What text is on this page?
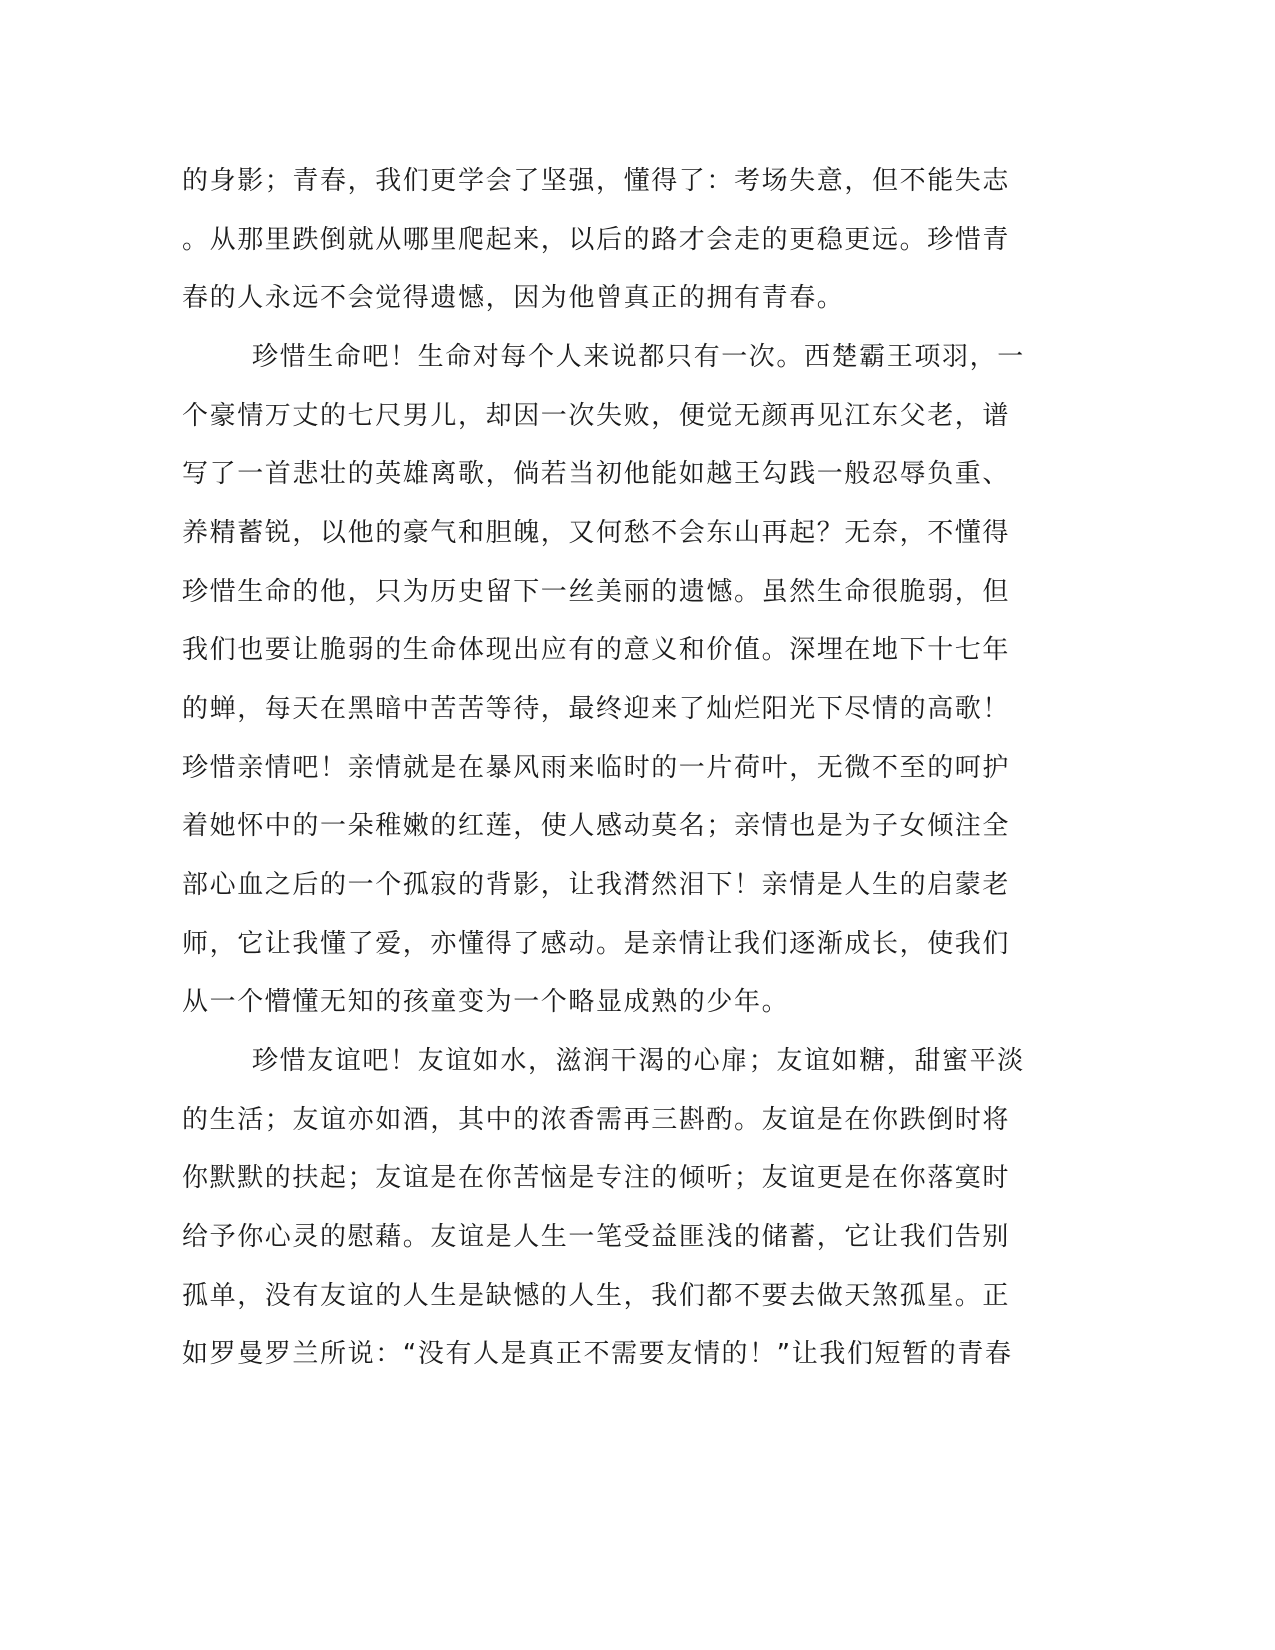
的身影；青春，我们更学会了坚强，懂得了：考场失意，但不能失志
。从那里跌倒就从哪里爬起来，以后的路才会走的更稳更远。珍惜青
春的人永远不会觉得遗憾，因为他曾真正的拥有青春。
珍惜生命吧！生命对每个人来说都只有一次。西楚霸王项羽，一
个豪情万丈的七尺男儿，却因一次失败，便觉无颜再见江东父老，谱
写了一首悲壮的英雄离歌，倘若当初他能如越王勾践一般忍辱负重、
养精蓄锐，以他的豪气和胆魄，又何愁不会东山再起？无奈，不懂得
珍惜生命的他，只为历史留下一丝美丽的遗憾。虽然生命很脆弱，但
我们也要让脆弱的生命体现出应有的意义和价值。深埋在地下十七年
的蝉，每天在黑暗中苦苦等待，最终迎来了灿烂阳光下尽情的高歌！
珍惜亲情吧！亲情就是在暴风雨来临时的一片荷叶，无微不至的呵护
着她怀中的一朵稚嫩的红莲，使人感动莫名；亲情也是为子女倾注全
部心血之后的一个孤寂的背影，让我潸然泪下！亲情是人生的启蒙老
师，它让我懂了爱，亦懂得了感动。是亲情让我们逐渐成长，使我们
从一个懵懂无知的孩童变为一个略显成熟的少年。
珍惜友谊吧！友谊如水，滋润干渴的心扉；友谊如糖，甜蜜平淡
的生活；友谊亦如酒，其中的浓香需再三斟酌。友谊是在你跌倒时将
你默默的扶起；友谊是在你苦恼是专注的倾听；友谊更是在你落寞时
给予你心灵的慰藉。友谊是人生一笔受益匪浅的储蓄，它让我们告别
孤单，没有友谊的人生是缺憾的人生，我们都不要去做天煞孤星。正
如罗曼罗兰所说：“没有人是真正不需要友情的！”让我们短暂的青春
